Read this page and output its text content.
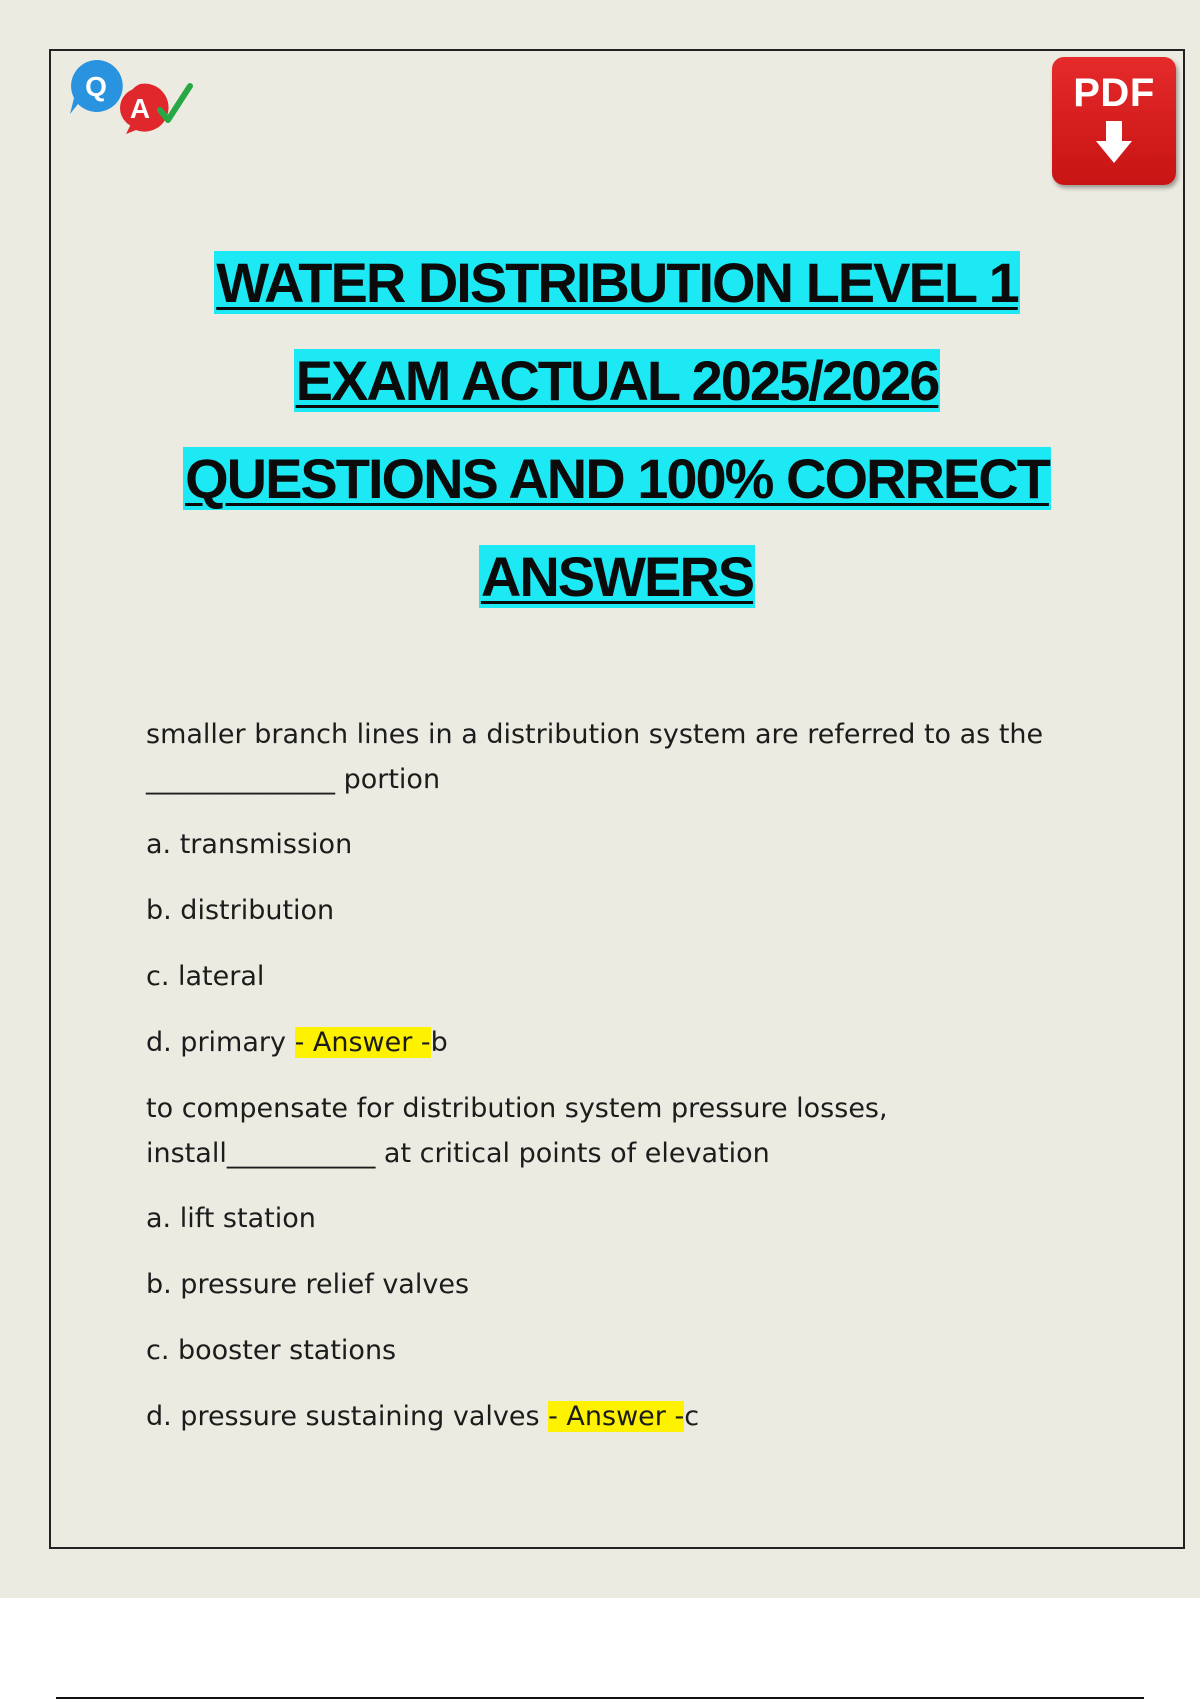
Q
A	PDF
WATER DISTRIBUTION LEVEL 1
EXAM ACTUAL 2025/2026
QUESTIONS AND 100% CORRECT
ANSWERS
smaller branch lines in a distribution system are referred to as the
______________ portion
a. transmission
b. distribution
c. lateral
d. primary - Answer -b
to compensate for distribution system pressure losses,
install___________ at critical points of elevation
a. lift station
b. pressure relief valves
c. booster stations
d. pressure sustaining valves - Answer -c
